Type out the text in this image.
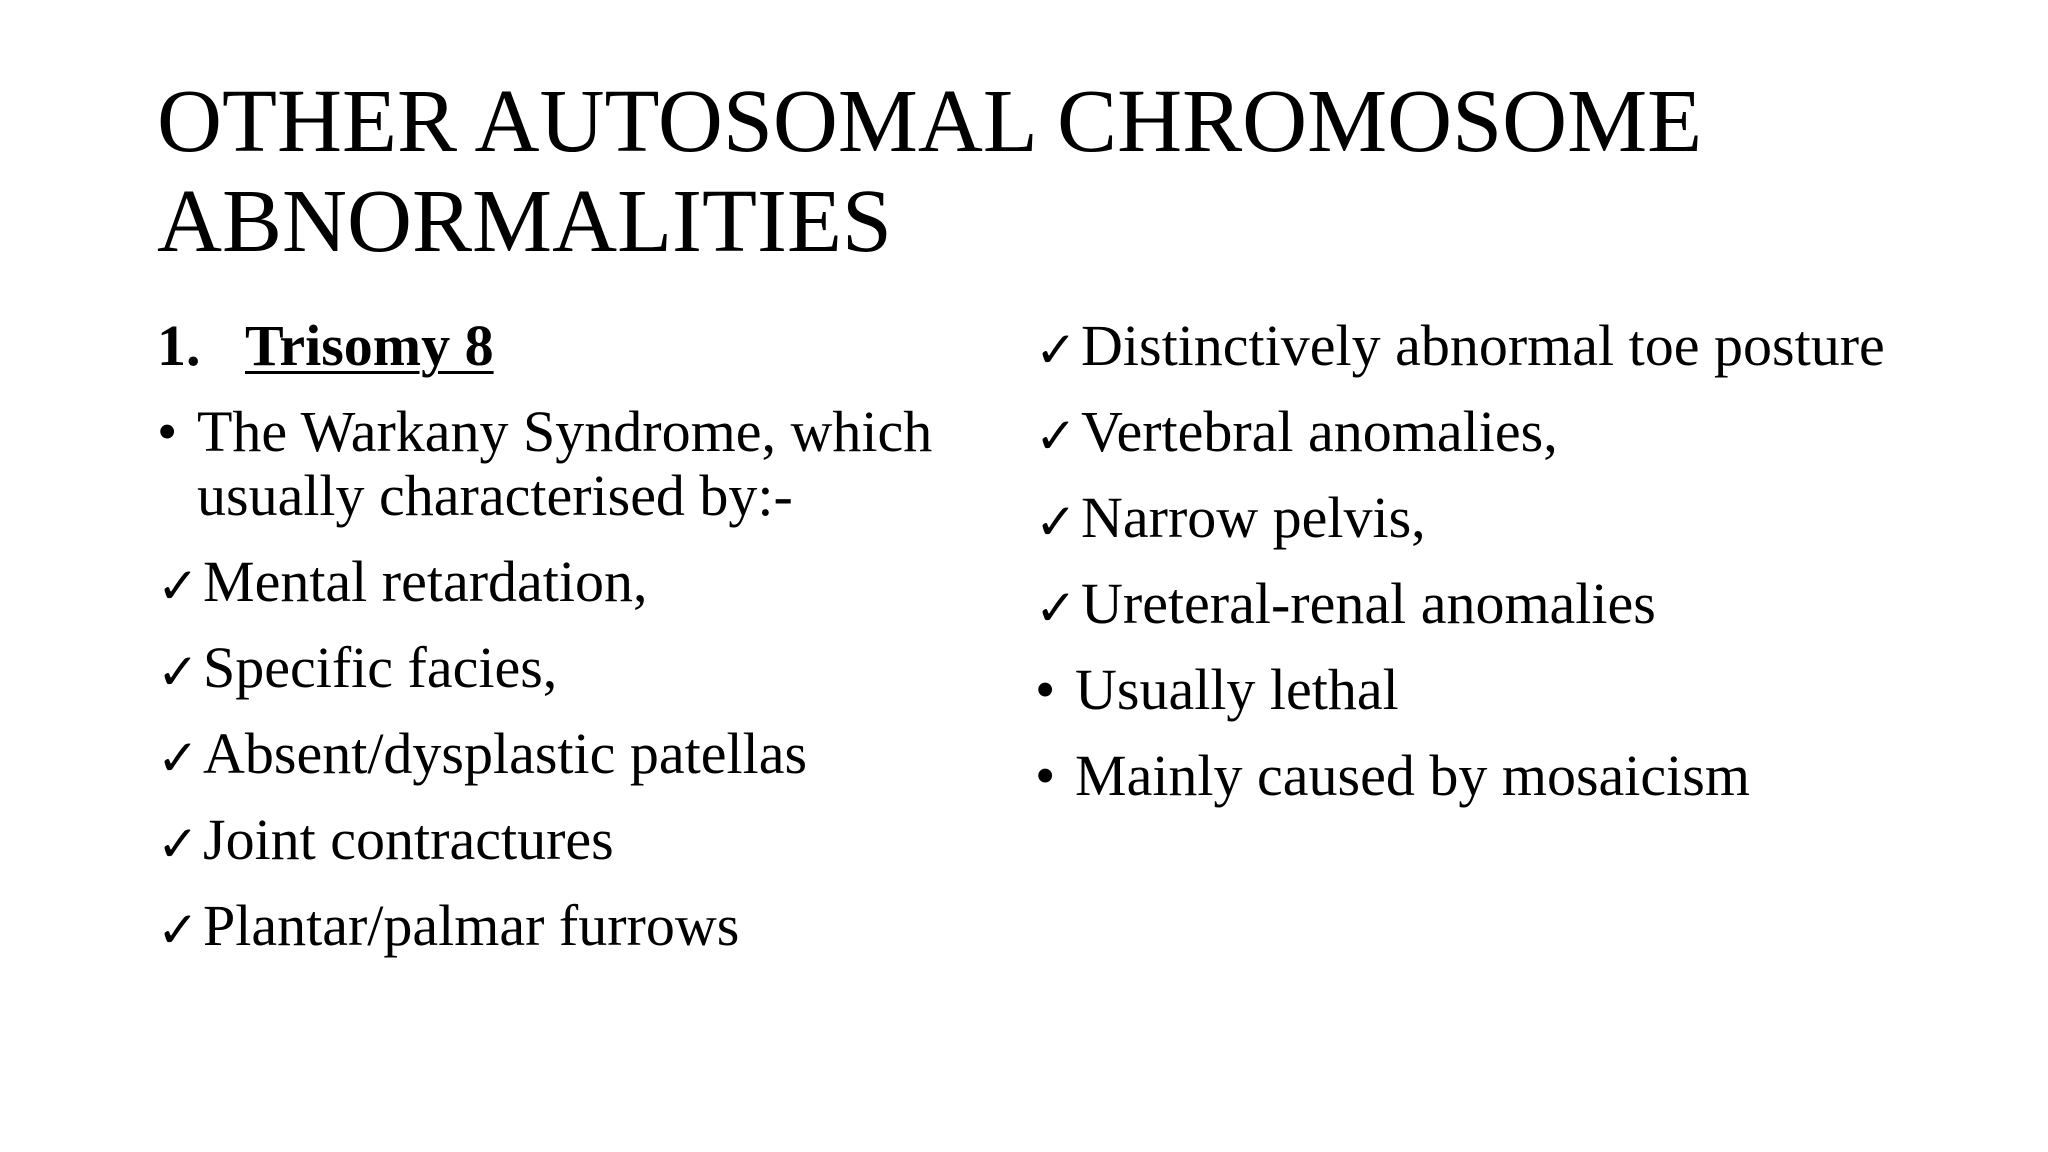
OTHER AUTOSOMAL CHROMOSOME
ABNORMALITIES
1. Trisomy 8
• The Warkany Syndrome, which usually characterised by:-
✓ Mental retardation,
✓ Specific facies,
✓ Absent/dysplastic patellas
✓ Joint contractures
✓ Plantar/palmar furrows
✓ Distinctively abnormal toe posture
✓ Vertebral anomalies,
✓ Narrow pelvis,
✓ Ureteral-renal anomalies
• Usually lethal
• Mainly caused by mosaicism
